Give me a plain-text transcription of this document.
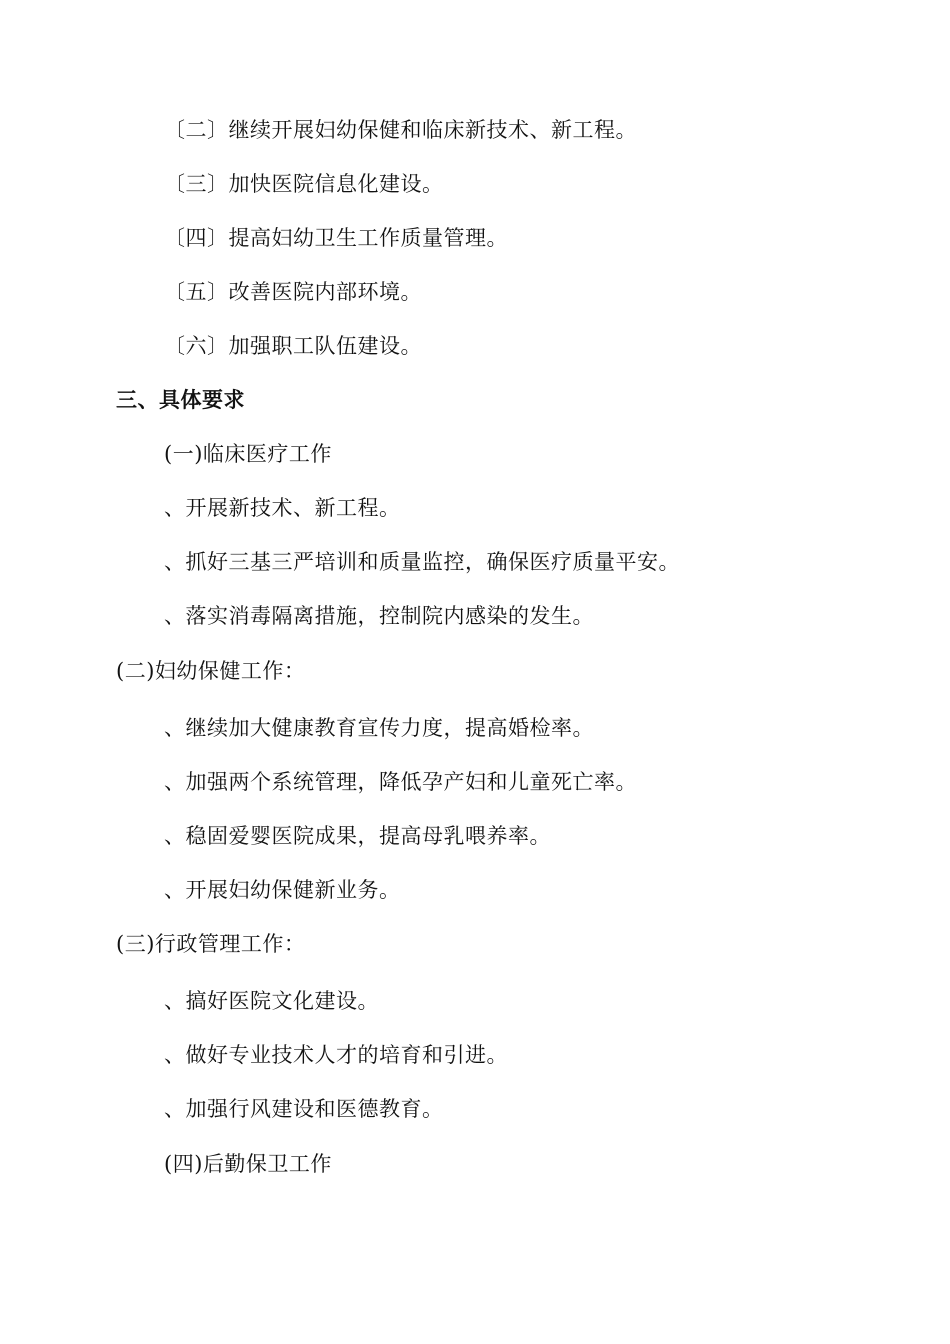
〔二〕继续开展妇幼保健和临床新技术、新工程。
〔三〕加快医院信息化建设。
〔四〕提高妇幼卫生工作质量管理。
〔五〕改善医院内部环境。
〔六〕加强职工队伍建设。
三、具体要求
(一)临床医疗工作
、开展新技术、新工程。
、抓好三基三严培训和质量监控，确保医疗质量平安。
、落实消毒隔离措施，控制院内感染的发生。
(二)妇幼保健工作：
、继续加大健康教育宣传力度，提高婚检率。
、加强两个系统管理，降低孕产妇和儿童死亡率。
、稳固爱婴医院成果，提高母乳喂养率。
、开展妇幼保健新业务。
(三)行政管理工作：
、搞好医院文化建设。
、做好专业技术人才的培育和引进。
、加强行风建设和医德教育。
(四)后勤保卫工作
